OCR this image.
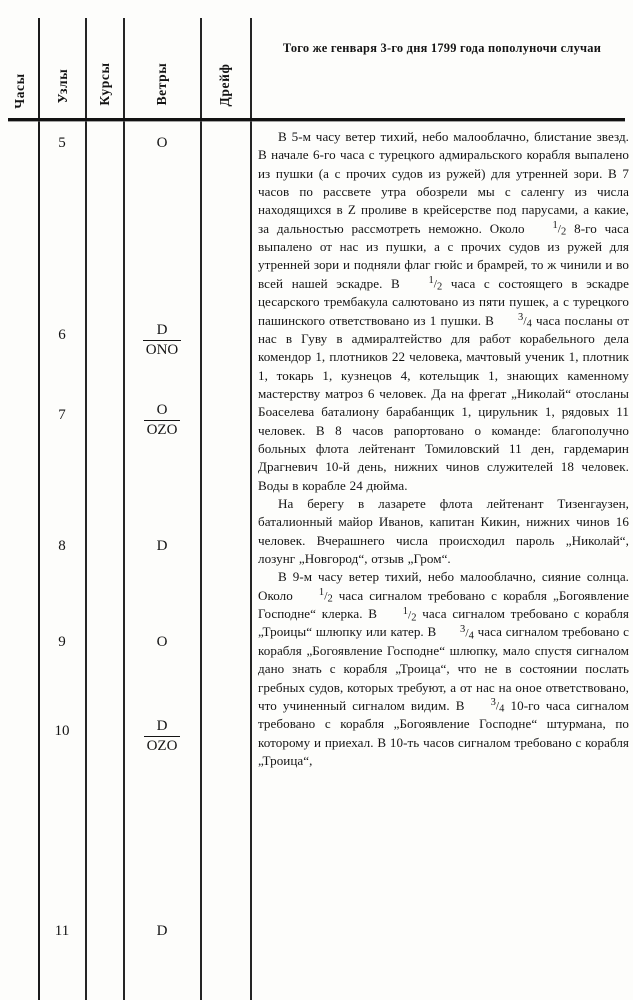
Часы Узлы Курсы	Ветры	Дрейф
Того же генваря 3-го дня 1799 года пополуночи случаи
5
6
7
8
9
10
11
O
$\frac{D}{\text{ONO}}$
$\frac{O}{\text{OZO}}$
D
O
$\frac{D}{\text{OZO}}$
D

В 5-м часу ветер тихий, небо малооблачно, блистание звезд. В начале 6-го часа с турецкого адмиральского корабля выпалено из пушки (а с прочих судов из ружей) для утренней зори. В 7 часов по рассвете утра обозрели мы с саленгу из числа находящихся в Z проливе в крейсерстве под парусами, а какие, за дальностью рассмотреть неможно. Около 1/2 8-го часа выпалено от нас из пушки, а с прочих судов из ружей для утренней зори и подняли флаг гюйс и брамрей, то ж чинили и во всей нашей эскадре. В 1/2 часа с состоящего в эскадре цесарского трембакула салютовано из пяти пушек, а с турецкого пашинского ответствовано из 1 пушки. В 3/4 часа посланы от нас в Гуву в адмиралтейство для работ корабельного дела комендор 1, плотников 22 человека, мачтовый ученик 1, плотник 1, токарь 1, кузнецов 4, котельщик 1, знающих каменному мастерству матроз 6 человек. Да на фрегат „Николай“ отосланы Боаселева баталиону барабанщик 1, цирульник 1, рядовых 11 человек. В 8 часов рапортовано о команде: благополучно больных флота лейтенант Томиловский 11 ден, гардемарин Драгневич 10-й день, нижних чинов служителей 18 человек. Воды в корабле 24 дюйма.

На берегу в лазарете флота лейтенант Тизенгаузен, баталионный майор Иванов, капитан Кикин, нижних чинов 16 человек. Вчерашнего числа происходил пароль „Николай“, лозунг „Новгород“, отзыв „Гром“.

В 9-м часу ветер тихий, небо малооблачно, сияние солнца. Около 1/2 часа сигналом требовано с корабля „Богоявление Господне“ клерка. В 1/2 часа сигналом требовано с корабля „Троицы“ шлюпку или катер. В 3/4 часа сигналом требовано с корабля „Богоявление Господне“ шлюпку, мало спустя сигналом дано знать с корабля „Троица“, что не в состоянии послать гребных судов, которых требуют, а от нас на оное ответствовано, что учиненный сигналом видим. В 3/4 10-го часа сигналом требовано с корабля „Богоявление Господне“ штурмана, по которому и приехал. В 10-ть часов сигналом требовано с корабля „Троица“,
